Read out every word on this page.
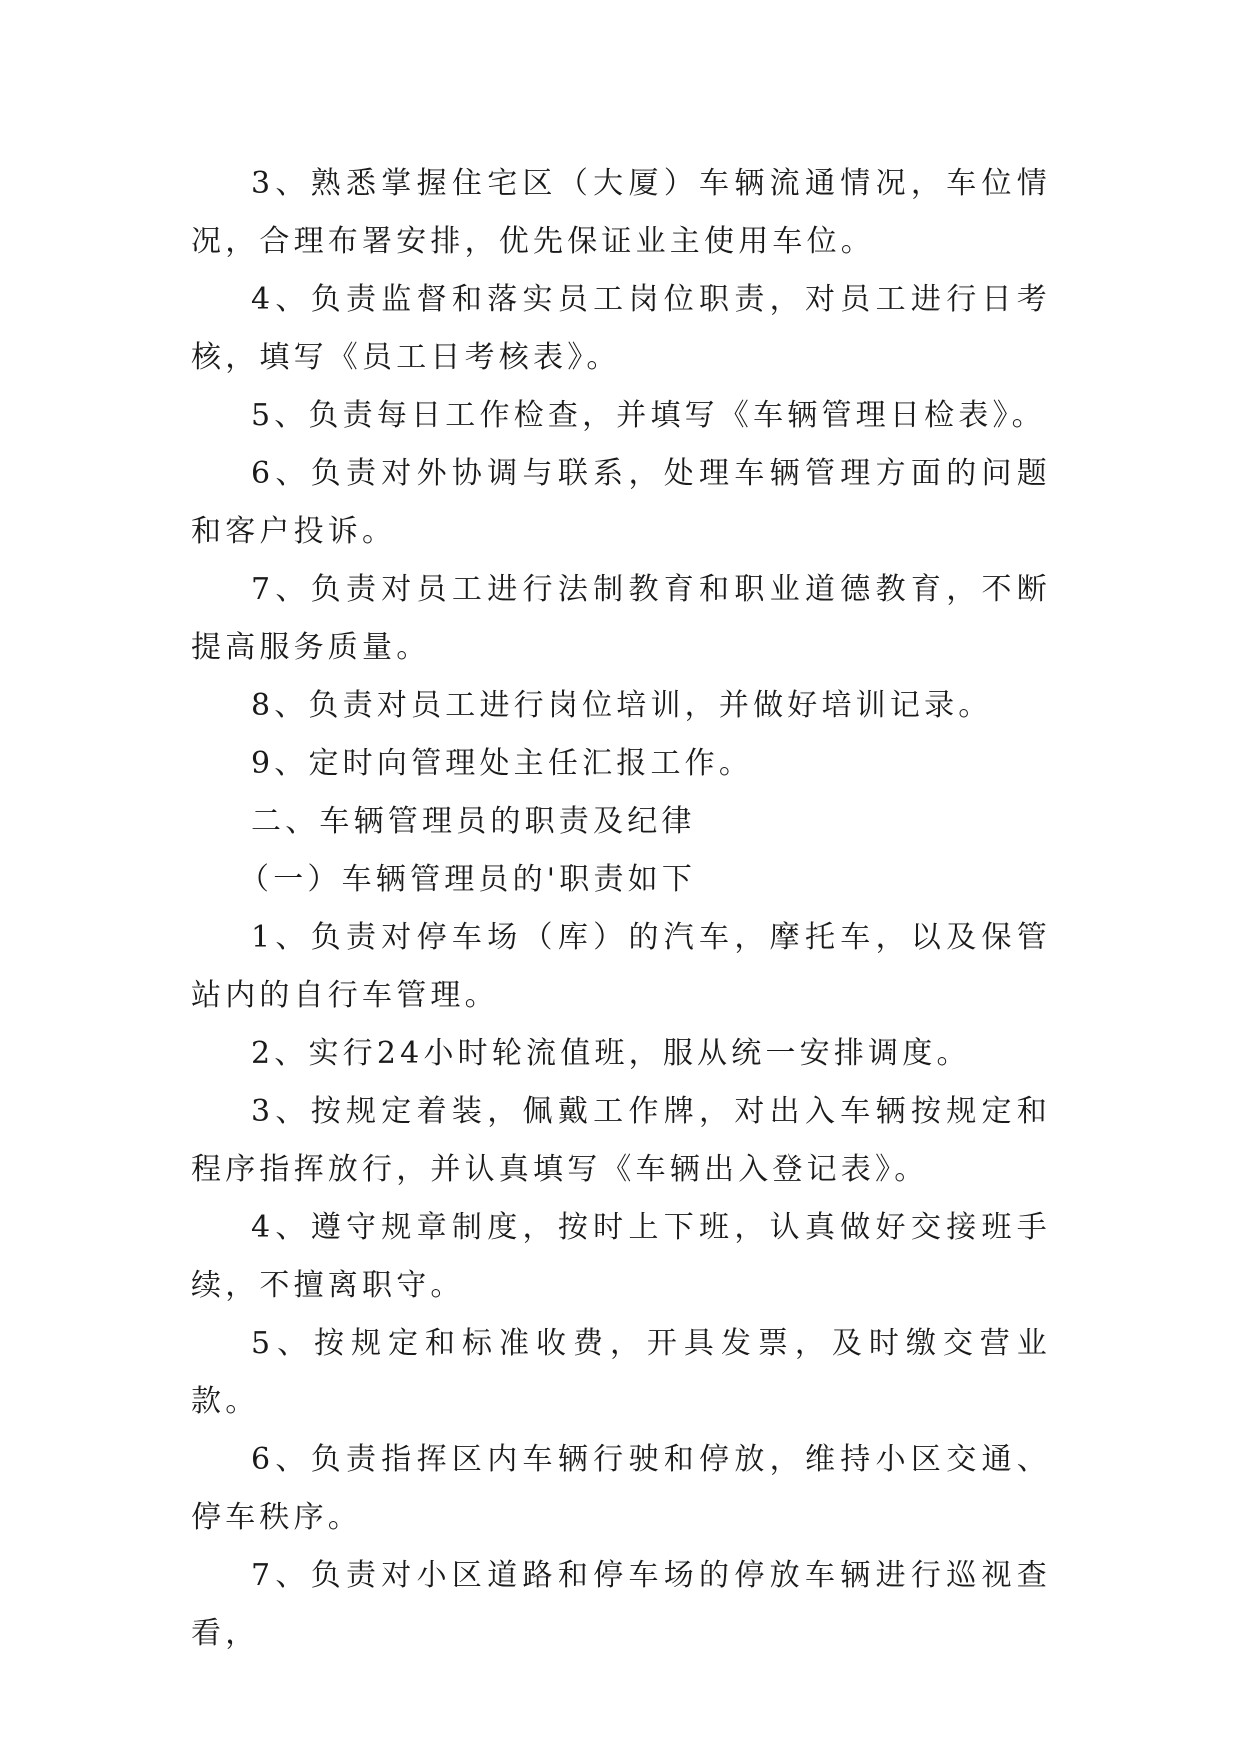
3、熟悉掌握住宅区（大厦）车辆流通情况，车位情况，合理布署安排，优先保证业主使用车位。

4、负责监督和落实员工岗位职责，对员工进行日考核，填写《员工日考核表》。

5、负责每日工作检查，并填写《车辆管理日检表》。

6、负责对外协调与联系，处理车辆管理方面的问题和客户投诉。

7、负责对员工进行法制教育和职业道德教育，不断提高服务质量。

8、负责对员工进行岗位培训，并做好培训记录。

9、定时向管理处主任汇报工作。

二、车辆管理员的职责及纪律

（一）车辆管理员的'职责如下

1、负责对停车场（库）的汽车，摩托车，以及保管站内的自行车管理。

2、实行24小时轮流值班，服从统一安排调度。

3、按规定着装，佩戴工作牌，对出入车辆按规定和程序指挥放行，并认真填写《车辆出入登记表》。

4、遵守规章制度，按时上下班，认真做好交接班手续，不擅离职守。

5、按规定和标准收费，开具发票，及时缴交营业款。

6、负责指挥区内车辆行驶和停放，维持小区交通、停车秩序。

7、负责对小区道路和停车场的停放车辆进行巡视查看，
